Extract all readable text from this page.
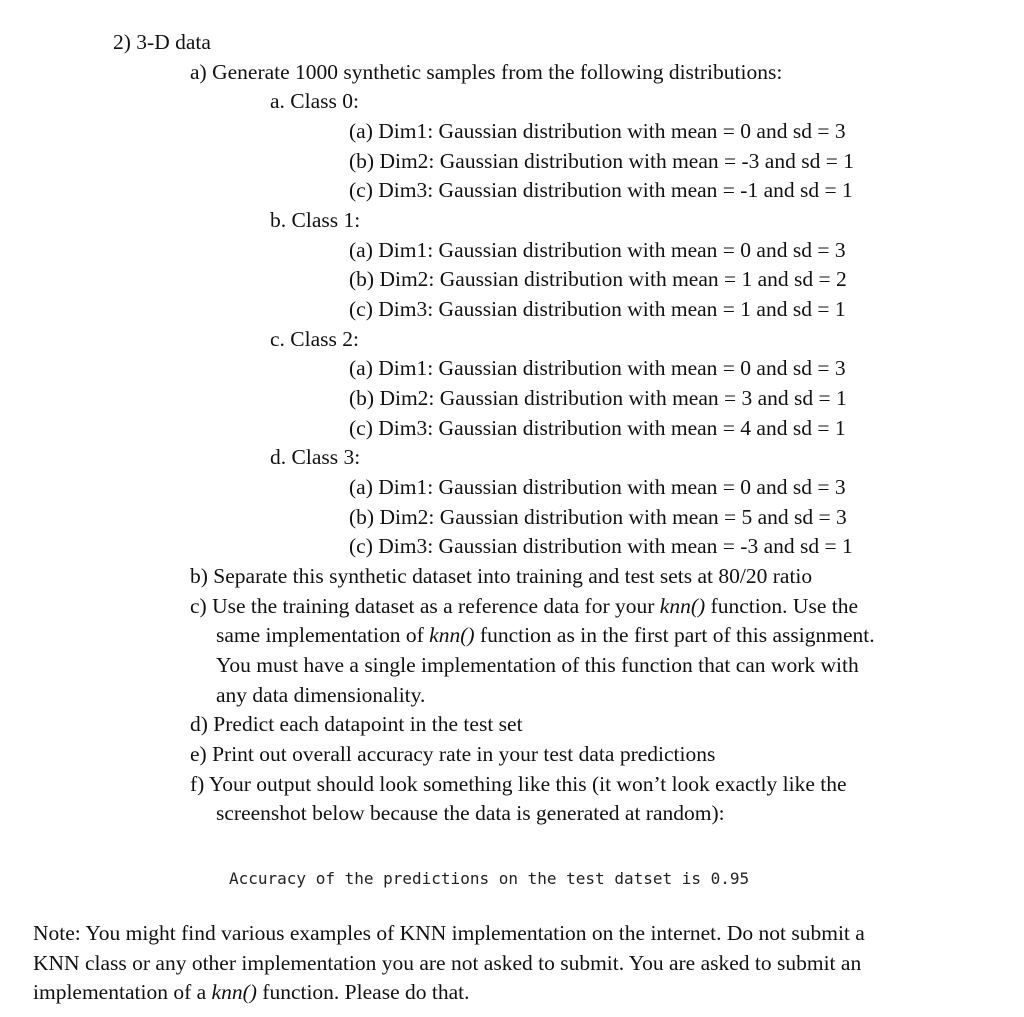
2) 3-D data
a) Generate 1000 synthetic samples from the following distributions:
a. Class 0:
(a) Dim1: Gaussian distribution with mean = 0 and sd = 3
(b) Dim2: Gaussian distribution with mean = -3 and sd = 1
(c) Dim3: Gaussian distribution with mean = -1 and sd = 1
b. Class 1:
(a) Dim1: Gaussian distribution with mean = 0 and sd = 3
(b) Dim2: Gaussian distribution with mean = 1 and sd = 2
(c) Dim3: Gaussian distribution with mean = 1 and sd = 1
c. Class 2:
(a) Dim1: Gaussian distribution with mean = 0 and sd = 3
(b) Dim2: Gaussian distribution with mean = 3 and sd = 1
(c) Dim3: Gaussian distribution with mean = 4 and sd = 1
d. Class 3:
(a) Dim1: Gaussian distribution with mean = 0 and sd = 3
(b) Dim2: Gaussian distribution with mean = 5 and sd = 3
(c) Dim3: Gaussian distribution with mean = -3 and sd = 1
b) Separate this synthetic dataset into training and test sets at 80/20 ratio
c) Use the training dataset as a reference data for your knn() function. Use the
same implementation of knn() function as in the first part of this assignment.
You must have a single implementation of this function that can work with
any data dimensionality.
d) Predict each datapoint in the test set
e) Print out overall accuracy rate in your test data predictions
f) Your output should look something like this (it won’t look exactly like the
screenshot below because the data is generated at random):
Accuracy of the predictions on the test datset is 0.95
Note: You might find various examples of KNN implementation on the internet. Do not submit a
KNN class or any other implementation you are not asked to submit. You are asked to submit an
implementation of a knn() function. Please do that.
